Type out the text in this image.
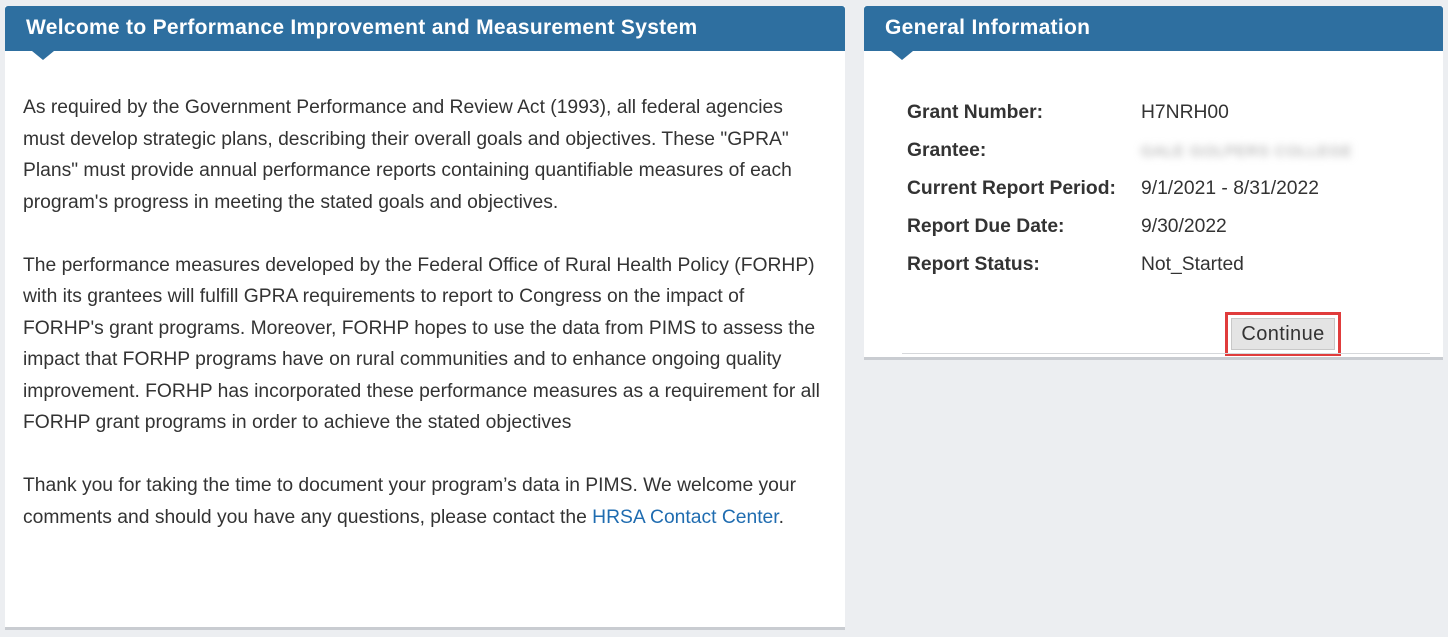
Welcome to Performance Improvement and Measurement System

As required by the Government Performance and Review Act (1993), all federal agencies must develop strategic plans, describing their overall goals and objectives. These "GPRA" Plans" must provide annual performance reports containing quantifiable measures of each program's progress in meeting the stated goals and objectives.

The performance measures developed by the Federal Office of Rural Health Policy (FORHP) with its grantees will fulfill GPRA requirements to report to Congress on the impact of FORHP's grant programs. Moreover, FORHP hopes to use the data from PIMS to assess the impact that FORHP programs have on rural communities and to enhance ongoing quality improvement. FORHP has incorporated these performance measures as a requirement for all FORHP grant programs in order to achieve the stated objectives

Thank you for taking the time to document your program’s data in PIMS. We welcome your comments and should you have any questions, please contact the HRSA Contact Center.

General Information
Grant Number:	H7NRH00
Grantee:	GALE GOLPERS COLLEGE
Current Report Period:	9/1/2021 - 8/31/2022
Report Due Date:	9/30/2022
Report Status:	Not_Started
Continue
